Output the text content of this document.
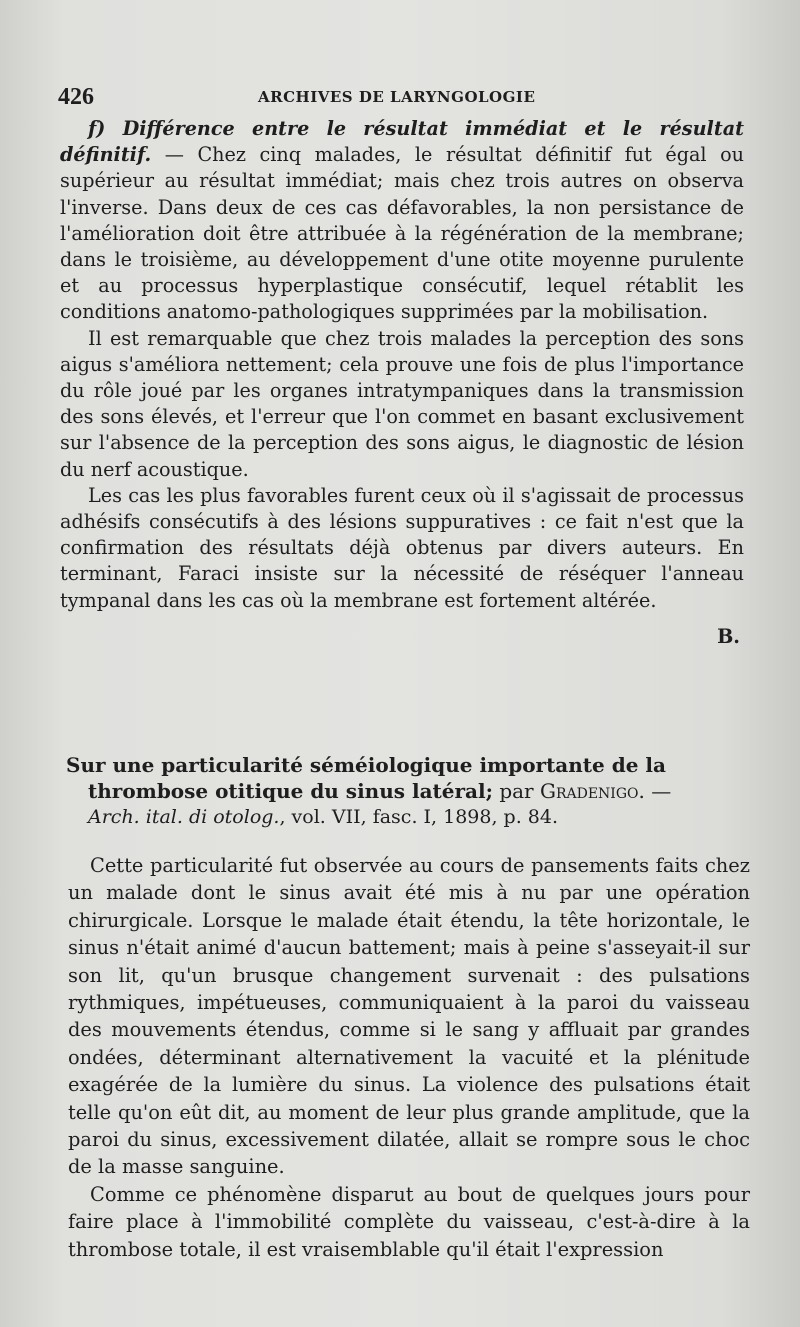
426	ARCHIVES DE LARYNGOLOGIE

f) Différence entre le résultat immédiat et le résultat définitif. — Chez cinq malades, le résultat définitif fut égal ou supérieur au résultat immédiat; mais chez trois autres on observa l'inverse. Dans deux de ces cas défavorables, la non persistance de l'amélioration doit être attribuée à la régénération de la membrane; dans le troisième, au développement d'une otite moyenne purulente et au processus hyperplastique consécutif, lequel rétablit les conditions anatomo-pathologiques supprimées par la mobilisation.

Il est remarquable que chez trois malades la perception des sons aigus s'améliora nettement; cela prouve une fois de plus l'importance du rôle joué par les organes intratympaniques dans la transmission des sons élevés, et l'erreur que l'on commet en basant exclusivement sur l'absence de la perception des sons aigus, le diagnostic de lésion du nerf acoustique.

Les cas les plus favorables furent ceux où il s'agissait de processus adhésifs consécutifs à des lésions suppuratives : ce fait n'est que la confirmation des résultats déjà obtenus par divers auteurs. En terminant, Faraci insiste sur la nécessité de réséquer l'anneau tympanal dans les cas où la membrane est fortement altérée.

B.
Sur une particularité séméiologique importante de la
thrombose otitique du sinus latéral; par Gradenigo. —
Arch. ital. di otolog., vol. VII, fasc. I, 1898, p. 84.

Cette particularité fut observée au cours de pansements faits chez un malade dont le sinus avait été mis à nu par une opération chirurgicale. Lorsque le malade était étendu, la tête horizontale, le sinus n'était animé d'aucun battement; mais à peine s'asseyait-il sur son lit, qu'un brusque changement survenait : des pulsations rythmiques, impétueuses, communiquaient à la paroi du vaisseau des mouvements étendus, comme si le sang y affluait par grandes ondées, déterminant alternativement la vacuité et la plénitude exagérée de la lumière du sinus. La violence des pulsations était telle qu'on eût dit, au moment de leur plus grande amplitude, que la paroi du sinus, excessivement dilatée, allait se rompre sous le choc de la masse sanguine.

Comme ce phénomène disparut au bout de quelques jours pour faire place à l'immobilité complète du vaisseau, c'est-à-dire à la thrombose totale, il est vraisemblable qu'il était l'expression
